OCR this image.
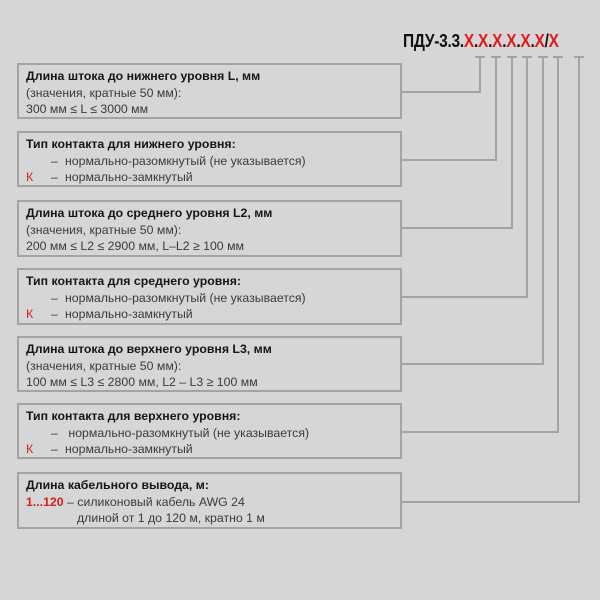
ПДУ-3.3.Х.Х.Х.Х.Х.Х/Х
Длина штока до нижнего уровня L, мм
(значения, кратные 50 мм):
300 мм ≤ L ≤ 3000 мм
Тип контакта для нижнего уровня:
– нормально-разомкнутый (не указывается)
К – нормально-замкнутый
Длина штока до среднего уровня L2, мм
(значения, кратные 50 мм):
200 мм ≤ L2 ≤ 2900 мм, L–L2 ≥ 100 мм
Тип контакта для среднего уровня:
– нормально-разомкнутый (не указывается)
К – нормально-замкнутый
Длина штока до верхнего уровня L3, мм
(значения, кратные 50 мм):
100 мм ≤ L3 ≤ 2800 мм, L2 – L3 ≥ 100 мм
Тип контакта для верхнего уровня:
– нормально-разомкнутый (не указывается)
К – нормально-замкнутый
Длина кабельного вывода, м:
1...120 – силиконовый кабель AWG 24
длиной от 1 до 120 м, кратно 1 м
